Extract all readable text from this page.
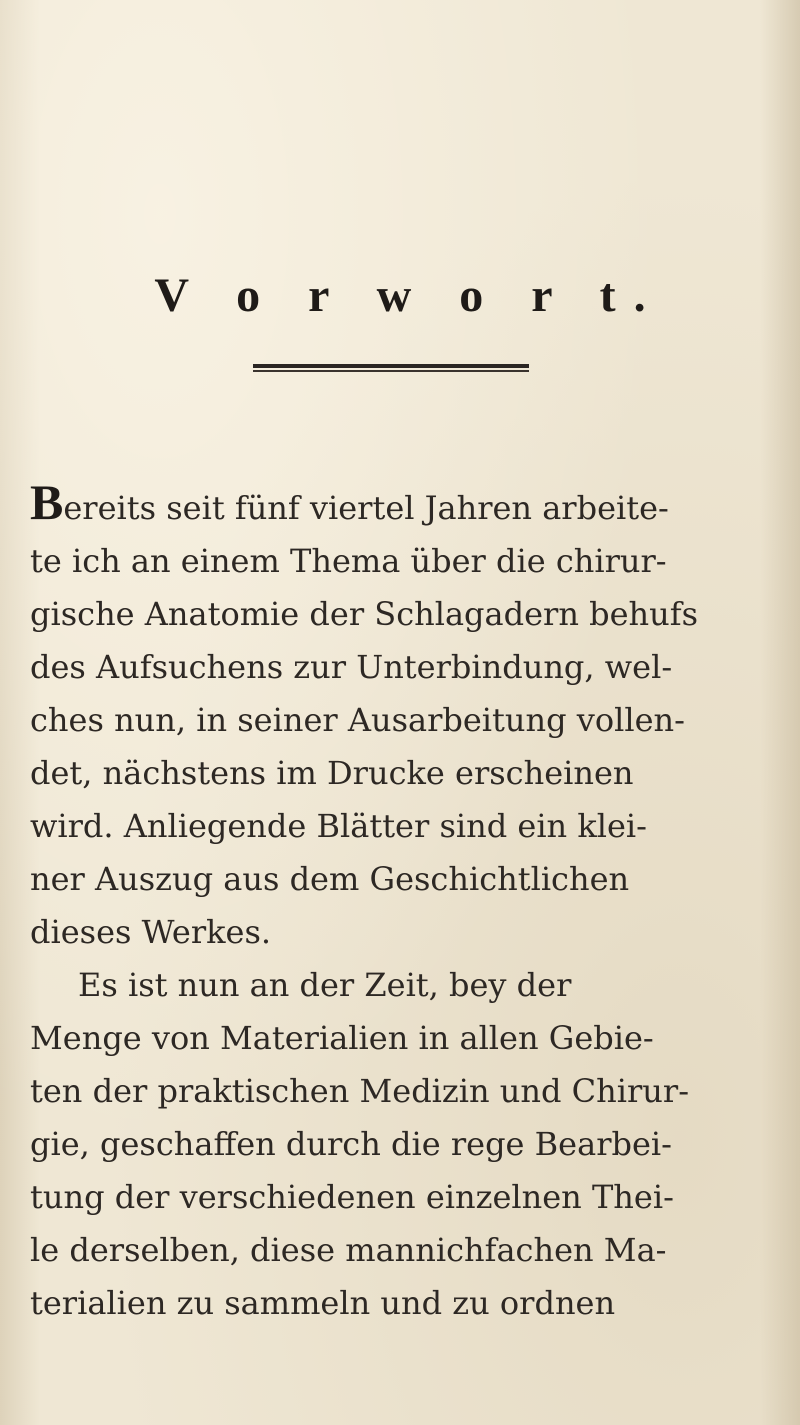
V o r w o r t.
Bereits seit fünf viertel Jahren arbeite-
te ich an einem Thema über die chirur-
gische Anatomie der Schlagadern behufs
des Aufsuchens zur Unterbindung, wel-
ches nun, in seiner Ausarbeitung vollen-
det, nächstens im Drucke erscheinen
wird. Anliegende Blätter sind ein klei-
ner Auszug aus dem Geschichtlichen
dieses Werkes.
Es ist nun an der Zeit, bey der
Menge von Materialien in allen Gebie-
ten der praktischen Medizin und Chirur-
gie, geschaffen durch die rege Bearbei-
tung der verschiedenen einzelnen Thei-
le derselben, diese mannichfachen Ma-
terialien zu sammeln und zu ordnen
